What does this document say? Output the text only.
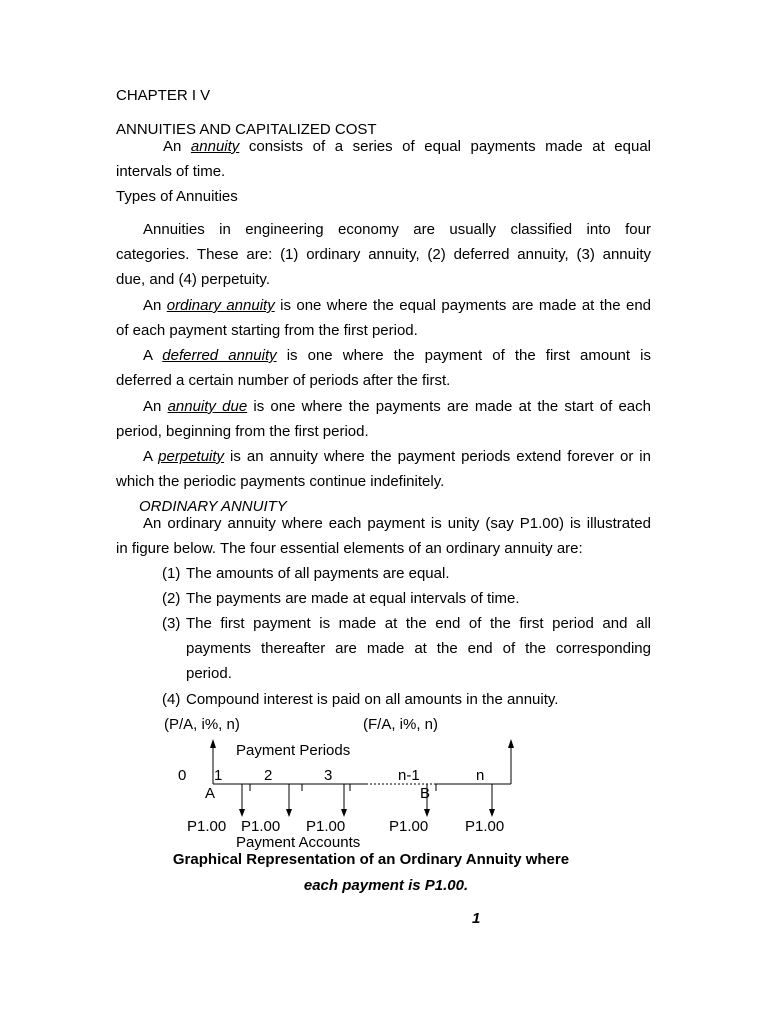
CHAPTER I V
ANNUITIES AND CAPITALIZED COST
An annuity consists of a series of equal payments made at equal
intervals of time.
Types of Annuities
Annuities in engineering economy are usually classified into four
categories. These are: (1) ordinary annuity, (2) deferred annuity, (3) annuity
due, and (4) perpetuity.
An ordinary annuity is one where the equal payments are made at the end
of each payment starting from the first period.
A deferred annuity is one where the payment of the first amount is
deferred a certain number of periods after the first.
An annuity due is one where the payments are made at the start of each
period, beginning from the first period.
A perpetuity is an annuity where the payment periods extend forever or in
which the periodic payments continue indefinitely.
ORDINARY ANNUITY
An ordinary annuity where each payment is unity (say P1.00) is illustrated
in figure below. The four essential elements of an ordinary annuity are:
(1) The amounts of all payments are equal.
(2) The payments are made at equal intervals of time.
(3) The first payment is made at the end of the first period and all
payments thereafter are made at the end of the corresponding
period.
(4) Compound interest is paid on all amounts in the annuity.
(P/A, i%, n)	(F/A, i%, n)
Payment Periods
0 1	2	3	n-1	n
A	B
P1.00 P1.00 P1.00	P1.00 P1.00
Payment Accounts
Graphical Representation of an Ordinary Annuity where
each payment is P1.00.
1
